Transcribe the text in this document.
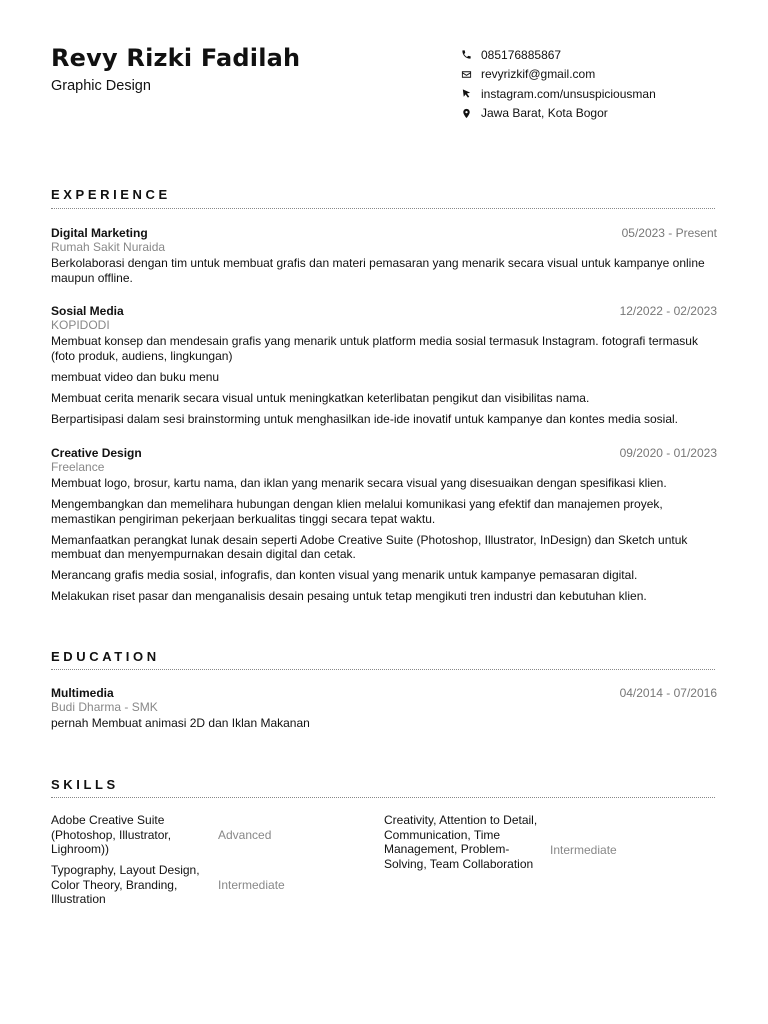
Revy Rizki Fadilah
Graphic Design
085176885867
revyrizkif@gmail.com
instagram.com/unsuspiciousman
Jawa Barat, Kota Bogor
EXPERIENCE
Digital Marketing	05/2023 - Present
Rumah Sakit Nuraida
Berkolaborasi dengan tim untuk membuat grafis dan materi pemasaran yang menarik secara visual untuk kampanye online maupun offline.
Sosial Media	12/2022 - 02/2023
KOPIDODI
Membuat konsep dan mendesain grafis yang menarik untuk platform media sosial termasuk Instagram. fotografi termasuk (foto produk, audiens, lingkungan)
membuat video dan buku menu
Membuat cerita menarik secara visual untuk meningkatkan keterlibatan pengikut dan visibilitas nama.
Berpartisipasi dalam sesi brainstorming untuk menghasilkan ide-ide inovatif untuk kampanye dan kontes media sosial.
Creative Design	09/2020 - 01/2023
Freelance
Membuat logo, brosur, kartu nama, dan iklan yang menarik secara visual yang disesuaikan dengan spesifikasi klien.
Mengembangkan dan memelihara hubungan dengan klien melalui komunikasi yang efektif dan manajemen proyek, memastikan pengiriman pekerjaan berkualitas tinggi secara tepat waktu.
Memanfaatkan perangkat lunak desain seperti Adobe Creative Suite (Photoshop, Illustrator, InDesign) dan Sketch untuk membuat dan menyempurnakan desain digital dan cetak.
Merancang grafis media sosial, infografis, dan konten visual yang menarik untuk kampanye pemasaran digital.
Melakukan riset pasar dan menganalisis desain pesaing untuk tetap mengikuti tren industri dan kebutuhan klien.
EDUCATION
Multimedia	04/2014 - 07/2016
Budi Dharma - SMK
pernah Membuat animasi 2D dan Iklan Makanan
SKILLS
Adobe Creative Suite (Photoshop, Illustrator, Lighroom))
Advanced
Typography, Layout Design, Color Theory, Branding, Illustration
Intermediate
Creativity, Attention to Detail, Communication, Time Management, Problem-Solving, Team Collaboration
Intermediate
